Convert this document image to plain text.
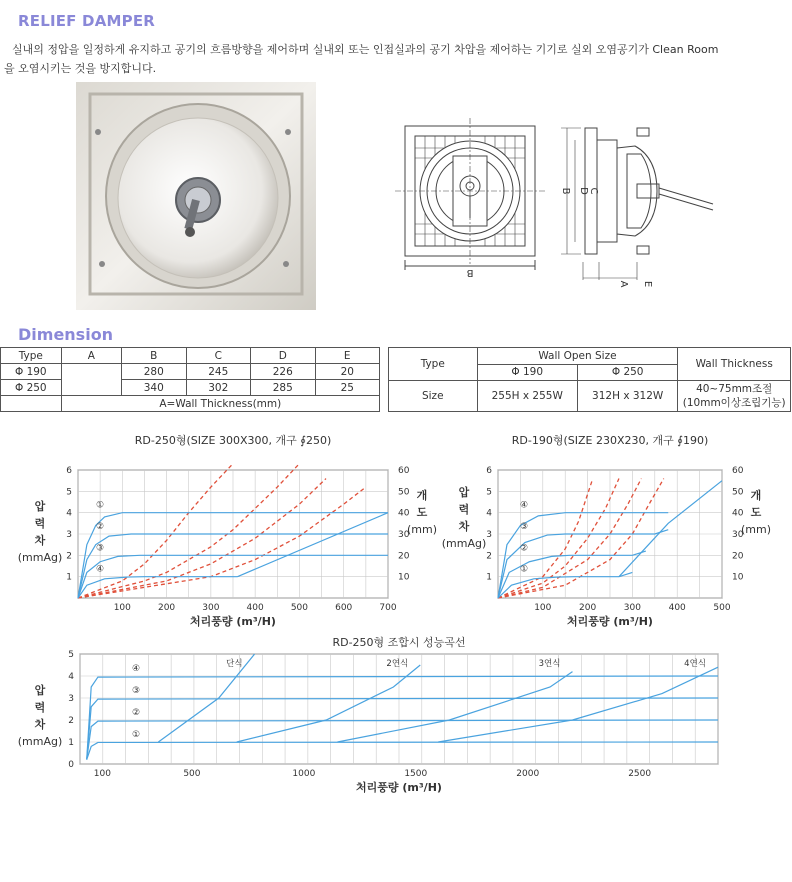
RELIEF DAMPER
실내의 정압을 일정하게 유지하고 공기의 흐름방향을 제어하며 실내외 또는 인접실과의 공기 차압을 제어하는 기기로 실외 오염공기가 Clean Room
을 오염시키는 것을 방지합니다.
B
B D C
E
A
Dimension
Type	A	B	C	D	E
Φ 190		280	245	226	20
Φ 250		340	302	285	25
	A=Wall Thickness(mm)				
Type	Wall Open Size		Wall Thickness
	Φ 190	Φ 250	
Size	255H x 255W	312H x 312W	40~75mm조절
(10mm이상조립기능)
RD-250형(SIZE 300X300, 개구 ∮250)
100	200	300	400	500	600	700
1
2
3
4
5
6
10
20
30
40
50
60
처리풍량 (m³/H)
압
력
차
(mmAg)
개
도
(mm)
①
②
③
④
RD-190형(SIZE 230X230, 개구 ∮190)
100	200	300	400	500
1
2
3
4
5
6
10
20
30
40
50
60
처리풍량 (m³/H)
압
력
차
(mmAg)
개
도
(mm)
④
③
②
①
RD-250형 조합시 성능곡선
100	500	1000	1500	2000	2500
0
1
2
3
4
5
처리풍량 (m³/H)
압
력
차
(mmAg)
④
③
②
①
단식	2연식	3연식	4연식
